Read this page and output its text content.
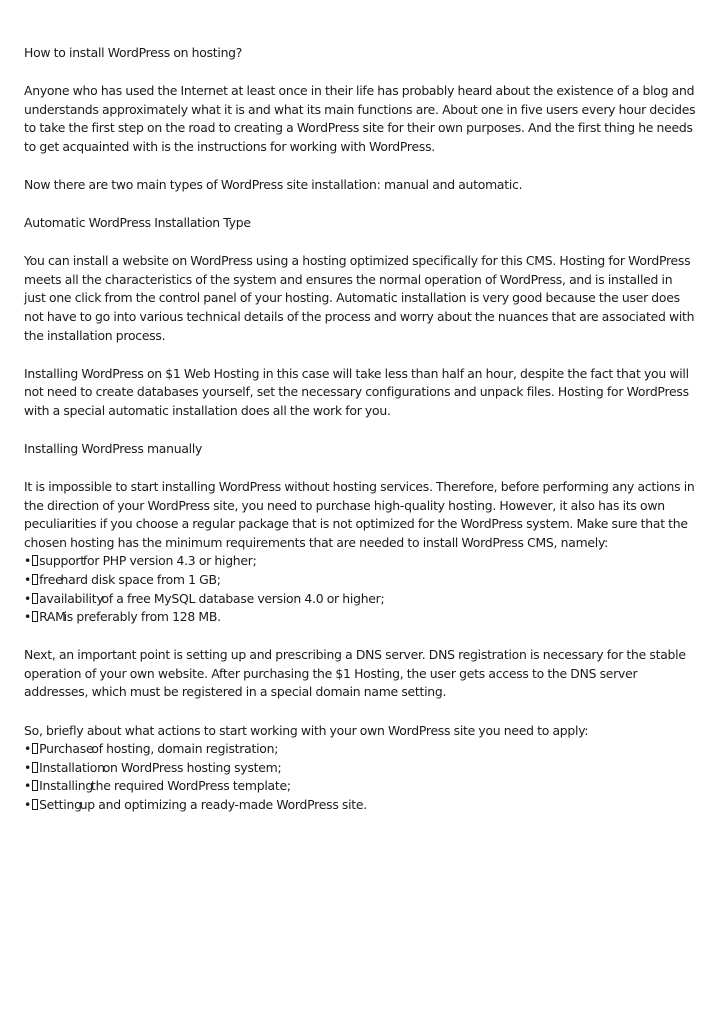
How to install WordPress on hosting?

Anyone who has used the Internet at least once in their life has probably heard about the existence of a blog and understands approximately what it is and what its main functions are. About one in five users every hour decides to take the first step on the road to creating a WordPress site for their own purposes. And the first thing he needs to get acquainted with is the instructions for working with WordPress.

Now there are two main types of WordPress site installation: manual and automatic.

Automatic WordPress Installation Type

You can install a website on WordPress using a hosting optimized specifically for this CMS. Hosting for WordPress meets all the characteristics of the system and ensures the normal operation of WordPress, and is installed in just one click from the control panel of your hosting. Automatic installation is very good because the user does not have to go into various technical details of the process and worry about the nuances that are associated with the installation process.

Installing WordPress on $1 Web Hosting in this case will take less than half an hour, despite the fact that you will not need to create databases yourself, set the necessary configurations and unpack files. Hosting for WordPress with a special automatic installation does all the work for you.

Installing WordPress manually

It is impossible to start installing WordPress without hosting services. Therefore, before performing any actions in the direction of your WordPress site, you need to purchase high-quality hosting. However, it also has its own peculiarities if you choose a regular package that is not optimized for the WordPress system. Make sure that the chosen hosting has the minimum requirements that are needed to install WordPress CMS, namely:

• supportfor PHP version 4.3 or higher;

• freehard disk space from 1 GB;

• availabilityof a free MySQL database version 4.0 or higher;

• RAMis preferably from 128 MB.

Next, an important point is setting up and prescribing a DNS server. DNS registration is necessary for the stable operation of your own website. After purchasing the $1 Hosting, the user gets access to the DNS server addresses, which must be registered in a special domain name setting.

So, briefly about what actions to start working with your own WordPress site you need to apply:

• Purchaseof hosting, domain registration;

• Installationon WordPress hosting system;

• Installingthe required WordPress template;

• Settingup and optimizing a ready-made WordPress site.
